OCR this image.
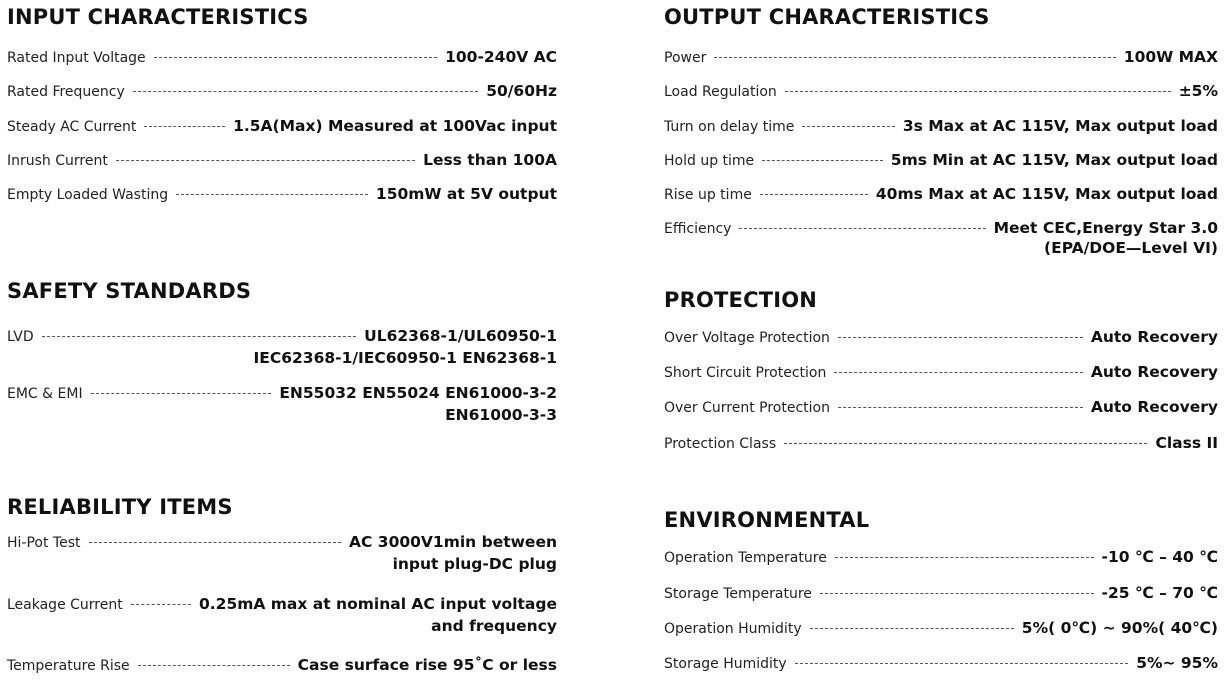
INPUT CHARACTERISTICS
Rated Input Voltage	100-240V AC
Rated Frequency	50/60Hz
Steady AC Current	1.5A(Max) Measured at 100Vac input
Inrush Current	Less than 100A
Empty Loaded Wasting	150mW at 5V output
SAFETY STANDARDS
LVD	UL62368-1/UL60950-1
IEC62368-1/IEC60950-1 EN62368-1
EMC & EMI	EN55032 EN55024 EN61000-3-2
EN61000-3-3
RELIABILITY ITEMS
Hi-Pot Test	AC 3000V1min between
input plug-DC plug
Leakage Current	0.25mA max at nominal AC input voltage
and frequency
Temperature Rise	Case surface rise 95˚C or less
OUTPUT CHARACTERISTICS
Power	100W MAX
Load Regulation	±5%
Turn on delay time	3s Max at AC 115V, Max output load
Hold up time	5ms Min at AC 115V, Max output load
Rise up time	40ms Max at AC 115V, Max output load
Efficiency	Meet CEC,Energy Star 3.0
(EPA/DOE—Level VI)
PROTECTION
Over Voltage Protection	Auto Recovery
Short Circuit Protection	Auto Recovery
Over Current Protection	Auto Recovery
Protection Class	Class II
ENVIRONMENTAL
Operation Temperature	-10 ℃ – 40 ℃
Storage Temperature	-25 ℃ – 70 ℃
Operation Humidity	5%( 0℃) ~ 90%( 40℃)
Storage Humidity	5%~ 95%
